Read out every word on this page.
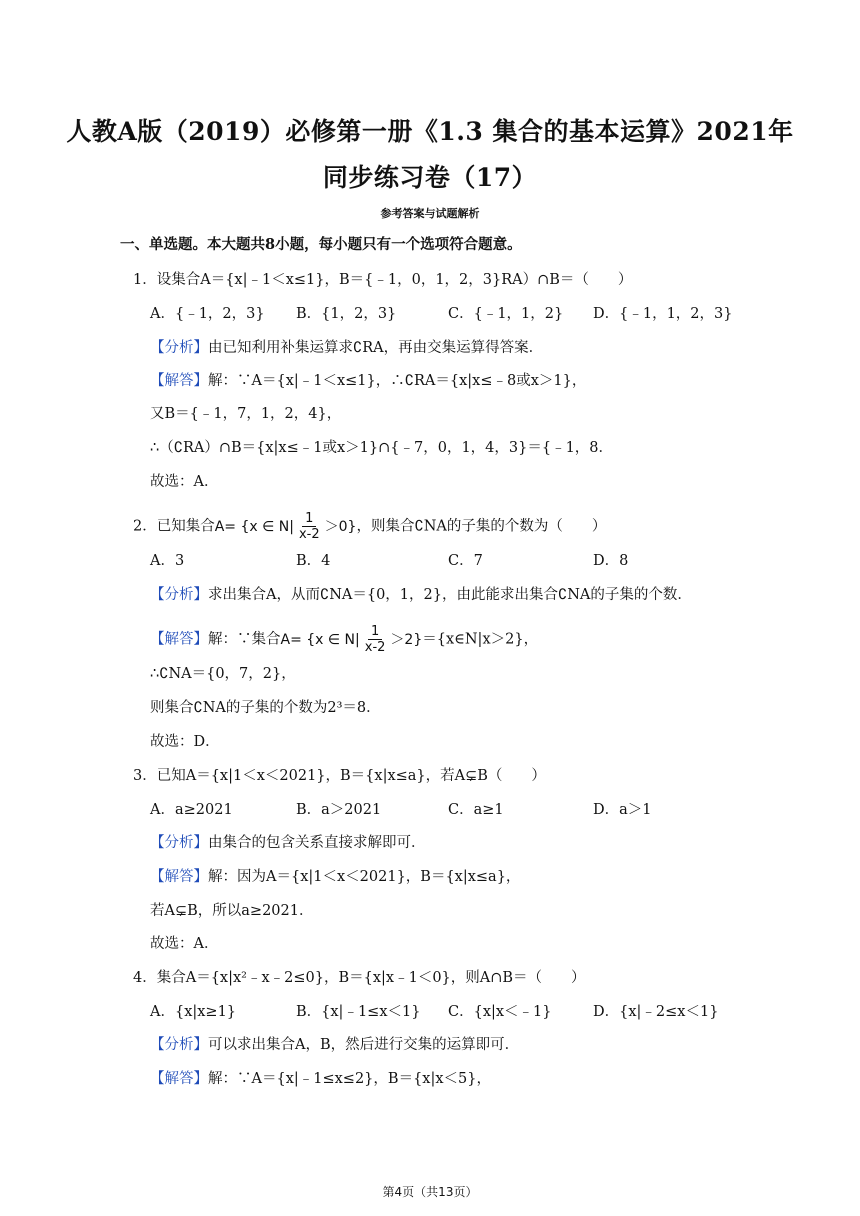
人教A版（2019）必修第一册《1.3 集合的基本运算》2021年
同步练习卷（17）
参考答案与试题解析
一、单选题。本大题共8小题，每小题只有一个选项符合题意。
1．设集合A＝{x|﹣1＜x≤1}，B＝{﹣1，0，1，2，3}RA）∩B＝（　　）
A．{﹣1，2，3} B．{1，2，3}	C．{﹣1，1，2} D．{﹣1，1，2，3}
【分析】由已知利用补集运算求∁RA，再由交集运算得答案．
【解答】解：∵A＝{x|﹣1＜x≤1}，∴∁RA＝{x|x≤﹣8或x＞1}，
又B＝{﹣1，7，1，2，4}，
∴（∁RA）∩B＝{x|x≤﹣1或x＞1}∩{﹣7，0，1，4，3}＝{﹣1，8．
故选：A．
2．已知集合A= {x ∈ $N| \frac{1}{x-2} >0$}，则集合∁NA的子集的个数为（　　）
A．3	B．4	C．7	D．8
【分析】求出集合A，从而∁NA＝{0，1，2}，由此能求出集合∁NA的子集的个数．
【解答】解：∵集合A= {x ∈ $N| \frac{1}{x-2}$ ＞2}＝{x∈N|x＞2}，
∴∁NA＝{0，7，2}，
则集合∁NA的子集的个数为2³＝8．
故选：D．
3．已知A＝{x|1＜x＜2021}，B＝{x|x≤a}，若A⊊B（　　）
A．a≥2021	B．a＞2021	C．a≥1	D．a＞1
【分析】由集合的包含关系直接求解即可．
【解答】解：因为A＝{x|1＜x＜2021}，B＝{x|x≤a}，
若A⊊B，所以a≥2021．
故选：A．
4．集合A＝{x|x²﹣x﹣2≤0}，B＝{x|x﹣1＜0}，则A∩B＝（　　）
A．{x|x≥1}	B．{x|﹣1≤x＜1} C．{x|x＜﹣1}	D．{x|﹣2≤x＜1}
【分析】可以求出集合A，B，然后进行交集的运算即可．
【解答】解：∵A＝{x|﹣1≤x≤2}，B＝{x|x＜5}，
第4页（共13页）
